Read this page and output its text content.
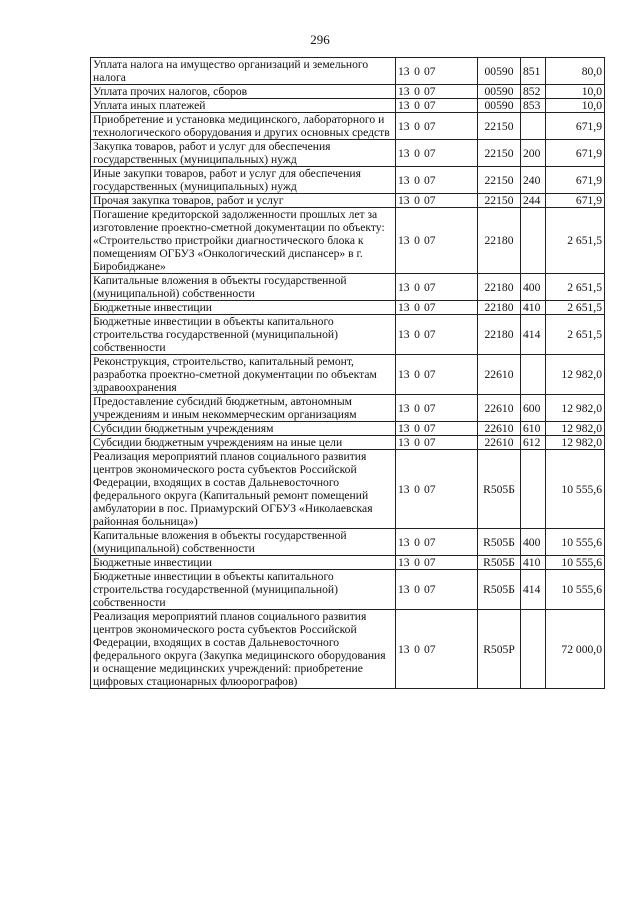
296
Уплата налога на имущество организаций и земельного налога	13 0 07	00590	851	80,0
Уплата прочих налогов, сборов	13 0 07	00590	852	10,0
Уплата иных платежей	13 0 07	00590	853	10,0
Приобретение и установка медицинского, лабораторного и технологического оборудования и других основных средств	13 0 07	22150		671,9
Закупка товаров, работ и услуг для обеспечения государственных (муниципальных) нужд	13 0 07	22150	200	671,9
Иные закупки товаров, работ и услуг для обеспечения государственных (муниципальных) нужд	13 0 07	22150	240	671,9
Прочая закупка товаров, работ и услуг	13 0 07	22150	244	671,9
Погашение кредиторской задолженности прошлых лет за изготовление проектно-сметной документации по объекту: «Строительство пристройки диагностического блока к помещениям ОГБУЗ «Онкологический диспансер» в г. Биробиджане»	13 0 07	22180		2 651,5
Капитальные вложения в объекты государственной (муниципальной) собственности	13 0 07	22180	400	2 651,5
Бюджетные инвестиции	13 0 07	22180	410	2 651,5
Бюджетные инвестиции в объекты капитального строительства государственной (муниципальной) собственности	13 0 07	22180	414	2 651,5
Реконструкция, строительство, капитальный ремонт, разработка проектно-сметной документации по объектам здравоохранения	13 0 07	22610		12 982,0
Предоставление субсидий бюджетным, автономным учреждениям и иным некоммерческим организациям	13 0 07	22610	600	12 982,0
Субсидии бюджетным учреждениям	13 0 07	22610	610	12 982,0
Субсидии бюджетным учреждениям на иные цели	13 0 07	22610	612	12 982,0
Реализация мероприятий планов социального развития центров экономического роста субъектов Российской Федерации, входящих в состав Дальневосточного федерального округа (Капитальный ремонт помещений амбулатории в пос. Приамурский ОГБУЗ «Николаевская районная больница»)	13 0 07	R505Б		10 555,6
Капитальные вложения в объекты государственной (муниципальной) собственности	13 0 07	R505Б	400	10 555,6
Бюджетные инвестиции	13 0 07	R505Б	410	10 555,6
Бюджетные инвестиции в объекты капитального строительства государственной (муниципальной) собственности	13 0 07	R505Б	414	10 555,6
Реализация мероприятий планов социального развития центров экономического роста субъектов Российской Федерации, входящих в состав Дальневосточного федерального округа (Закупка медицинского оборудования и оснащение медицинских учреждений: приобретение цифровых стационарных флюорографов)	13 0 07	R505Р		72 000,0
